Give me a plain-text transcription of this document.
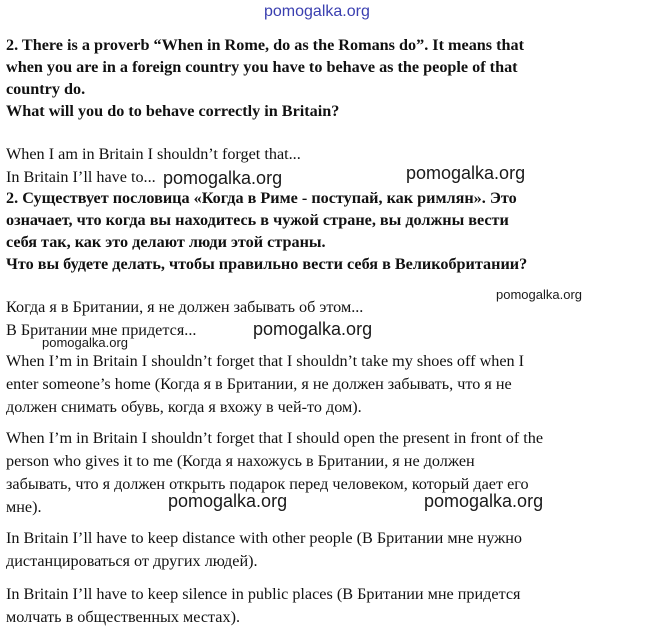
2. There is a proverb “When in Rome, do as the Romans do”. It means that
when you are in a foreign country you have to behave as the people of that
country do.
What will you do to behave correctly in Britain?
When I am in Britain I shouldn’t forget that...
In Britain I’ll have to...
2. Существует пословица «Когда в Риме - поступай, как римлян». Это
означает, что когда вы находитесь в чужой стране, вы должны вести
себя так, как это делают люди этой страны.
Что вы будете делать, чтобы правильно вести себя в Великобритании?
Когда я в Британии, я не должен забывать об этом...
В Британии мне придется...
When I’m in Britain I shouldn’t forget that I shouldn’t take my shoes off when I
enter someone’s home (Когда я в Британии, я не должен забывать, что я не
должен снимать обувь, когда я вхожу в чей-то дом).
When I’m in Britain I shouldn’t forget that I should open the present in front of the
person who gives it to me (Когда я нахожусь в Британии, я не должен
забывать, что я должен открыть подарок перед человеком, который дает его
мне).
In Britain I’ll have to keep distance with other people (В Британии мне нужно
дистанцироваться от других людей).
In Britain I’ll have to keep silence in public places (В Британии мне придется
молчать в общественных местах).
pomogalka.org
pomogalka.org
pomogalka.org
pomogalka.org
pomogalka.org
pomogalka.org
pomogalka.org	pomogalka.org
